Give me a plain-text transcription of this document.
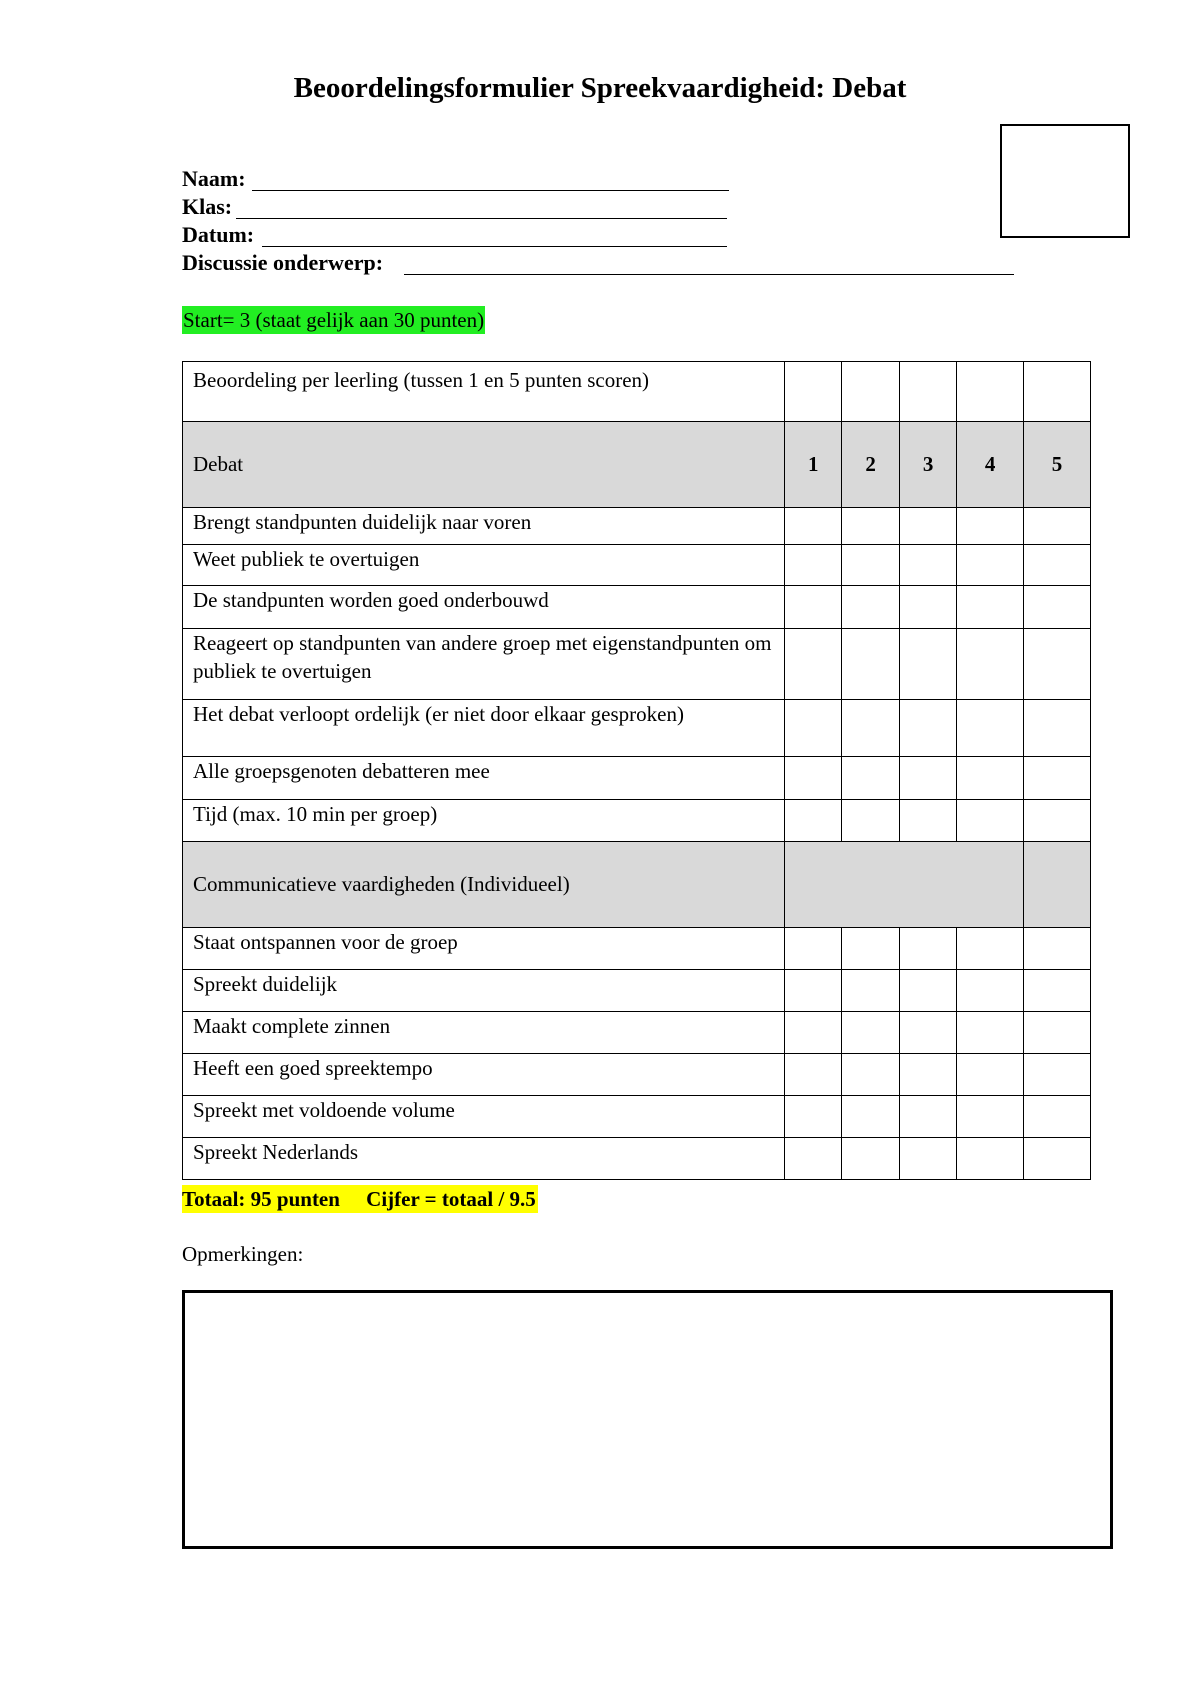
Beoordelingsformulier Spreekvaardigheid: Debat
Naam:
Klas:
Datum:
Discussie onderwerp:
Start= 3 (staat gelijk aan 30 punten)
Beoordeling per leerling (tussen 1 en 5 punten scoren)					

Debat	1	2	3	4	5

Brengt standpunten duidelijk naar voren					

Weet publiek te overtuigen					

De standpunten worden goed onderbouwd					

Reageert op standpunten van andere groep met eigenstandpunten om publiek te overtuigen					

Het debat verloopt ordelijk (er niet door elkaar gesproken)					

Alle groepsgenoten debatteren mee					

Tijd (max. 10 min per groep)					

Communicatieve vaardigheden (Individueel)					

Staat ontspannen voor de groep					

Spreekt duidelijk					

Maakt complete zinnen					

Heeft een goed spreektempo					

Spreekt met voldoende volume					

Spreekt Nederlands					

Totaal: 95 punten     Cijfer = totaal / 9.5
Opmerkingen:
